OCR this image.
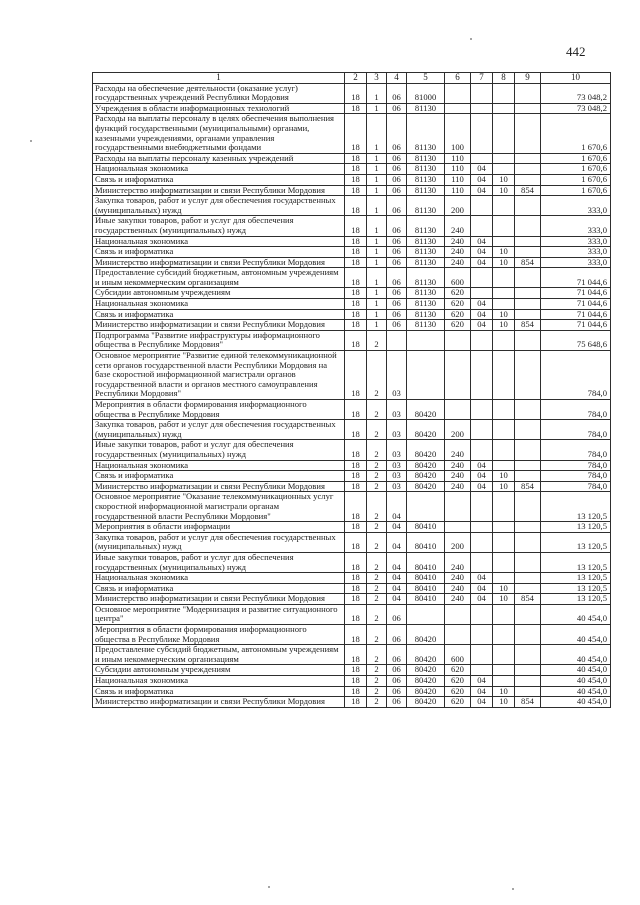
442
1	2	3	4	5	6	7	8	9	10
Расходы на обеспечение деятельности (оказание услуг) государственных учреждений Республики Мордовия	18	1	06	81000					73 048,2
Учреждения в области информационных технологий	18	1	06	81130					73 048,2
Расходы на выплаты персоналу в целях обеспечения выполнения функций государственными (муниципальными) органами, казенными учреждениями, органами управления государственными внебюджетными фондами	18	1	06	81130	100				1 670,6
Расходы на выплаты персоналу казенных учреждений	18	1	06	81130	110				1 670,6
Национальная экономика	18	1	06	81130	110	04			1 670,6
Связь и информатика	18	1	06	81130	110	04	10		1 670,6
Министерство информатизации и связи Республики Мордовия	18	1	06	81130	110	04	10	854	1 670,6
Закупка товаров, работ и услуг для обеспечения государственных (муниципальных) нужд	18	1	06	81130	200				333,0
Иные закупки товаров, работ и услуг для обеспечения государственных (муниципальных) нужд	18	1	06	81130	240				333,0
Национальная экономика	18	1	06	81130	240	04			333,0
Связь и информатика	18	1	06	81130	240	04	10		333,0
Министерство информатизации и связи Республики Мордовия	18	1	06	81130	240	04	10	854	333,0
Предоставление субсидий бюджетным, автономным учреждениям и иным некоммерческим организациям	18	1	06	81130	600				71 044,6
Субсидии автономным учреждениям	18	1	06	81130	620				71 044,6
Национальная экономика	18	1	06	81130	620	04			71 044,6
Связь и информатика	18	1	06	81130	620	04	10		71 044,6
Министерство информатизации и связи Республики Мордовия	18	1	06	81130	620	04	10	854	71 044,6
Подпрограмма "Развитие инфраструктуры информационного общества в Республике Мордовия"	18	2							75 648,6
Основное мероприятие "Развитие единой телекоммуникационной сети органов государственной власти Республики Мордовия на базе скоростной информационной магистрали органов государственной власти и органов местного самоуправления Республики Мордовия"	18	2	03						784,0
Мероприятия в области формирования информационного общества в Республике Мордовия	18	2	03	80420					784,0
Закупка товаров, работ и услуг для обеспечения государственных (муниципальных) нужд	18	2	03	80420	200				784,0
Иные закупки товаров, работ и услуг для обеспечения государственных (муниципальных) нужд	18	2	03	80420	240				784,0
Национальная экономика	18	2	03	80420	240	04			784,0
Связь и информатика	18	2	03	80420	240	04	10		784,0
Министерство информатизации и связи Республики Мордовия	18	2	03	80420	240	04	10	854	784,0
Основное мероприятие "Оказание телекоммуникационных услуг скоростной информационной магистрали органам государственной власти Республики Мордовия"	18	2	04						13 120,5
Мероприятия в области информации	18	2	04	80410					13 120,5
Закупка товаров, работ и услуг для обеспечения государственных (муниципальных) нужд	18	2	04	80410	200				13 120,5
Иные закупки товаров, работ и услуг для обеспечения государственных (муниципальных) нужд	18	2	04	80410	240				13 120,5
Национальная экономика	18	2	04	80410	240	04			13 120,5
Связь и информатика	18	2	04	80410	240	04	10		13 120,5
Министерство информатизации и связи Республики Мордовия	18	2	04	80410	240	04	10	854	13 120,5
Основное мероприятие "Модернизация и развитие ситуационного центра"	18	2	06						40 454,0
Мероприятия в области формирования информационного общества в Республике Мордовия	18	2	06	80420					40 454,0
Предоставление субсидий бюджетным, автономным учреждениям и иным некоммерческим организациям	18	2	06	80420	600				40 454,0
Субсидии автономным учреждениям	18	2	06	80420	620				40 454,0
Национальная экономика	18	2	06	80420	620	04			40 454,0
Связь и информатика	18	2	06	80420	620	04	10		40 454,0
Министерство информатизации и связи Республики Мордовия	18	2	06	80420	620	04	10	854	40 454,0
